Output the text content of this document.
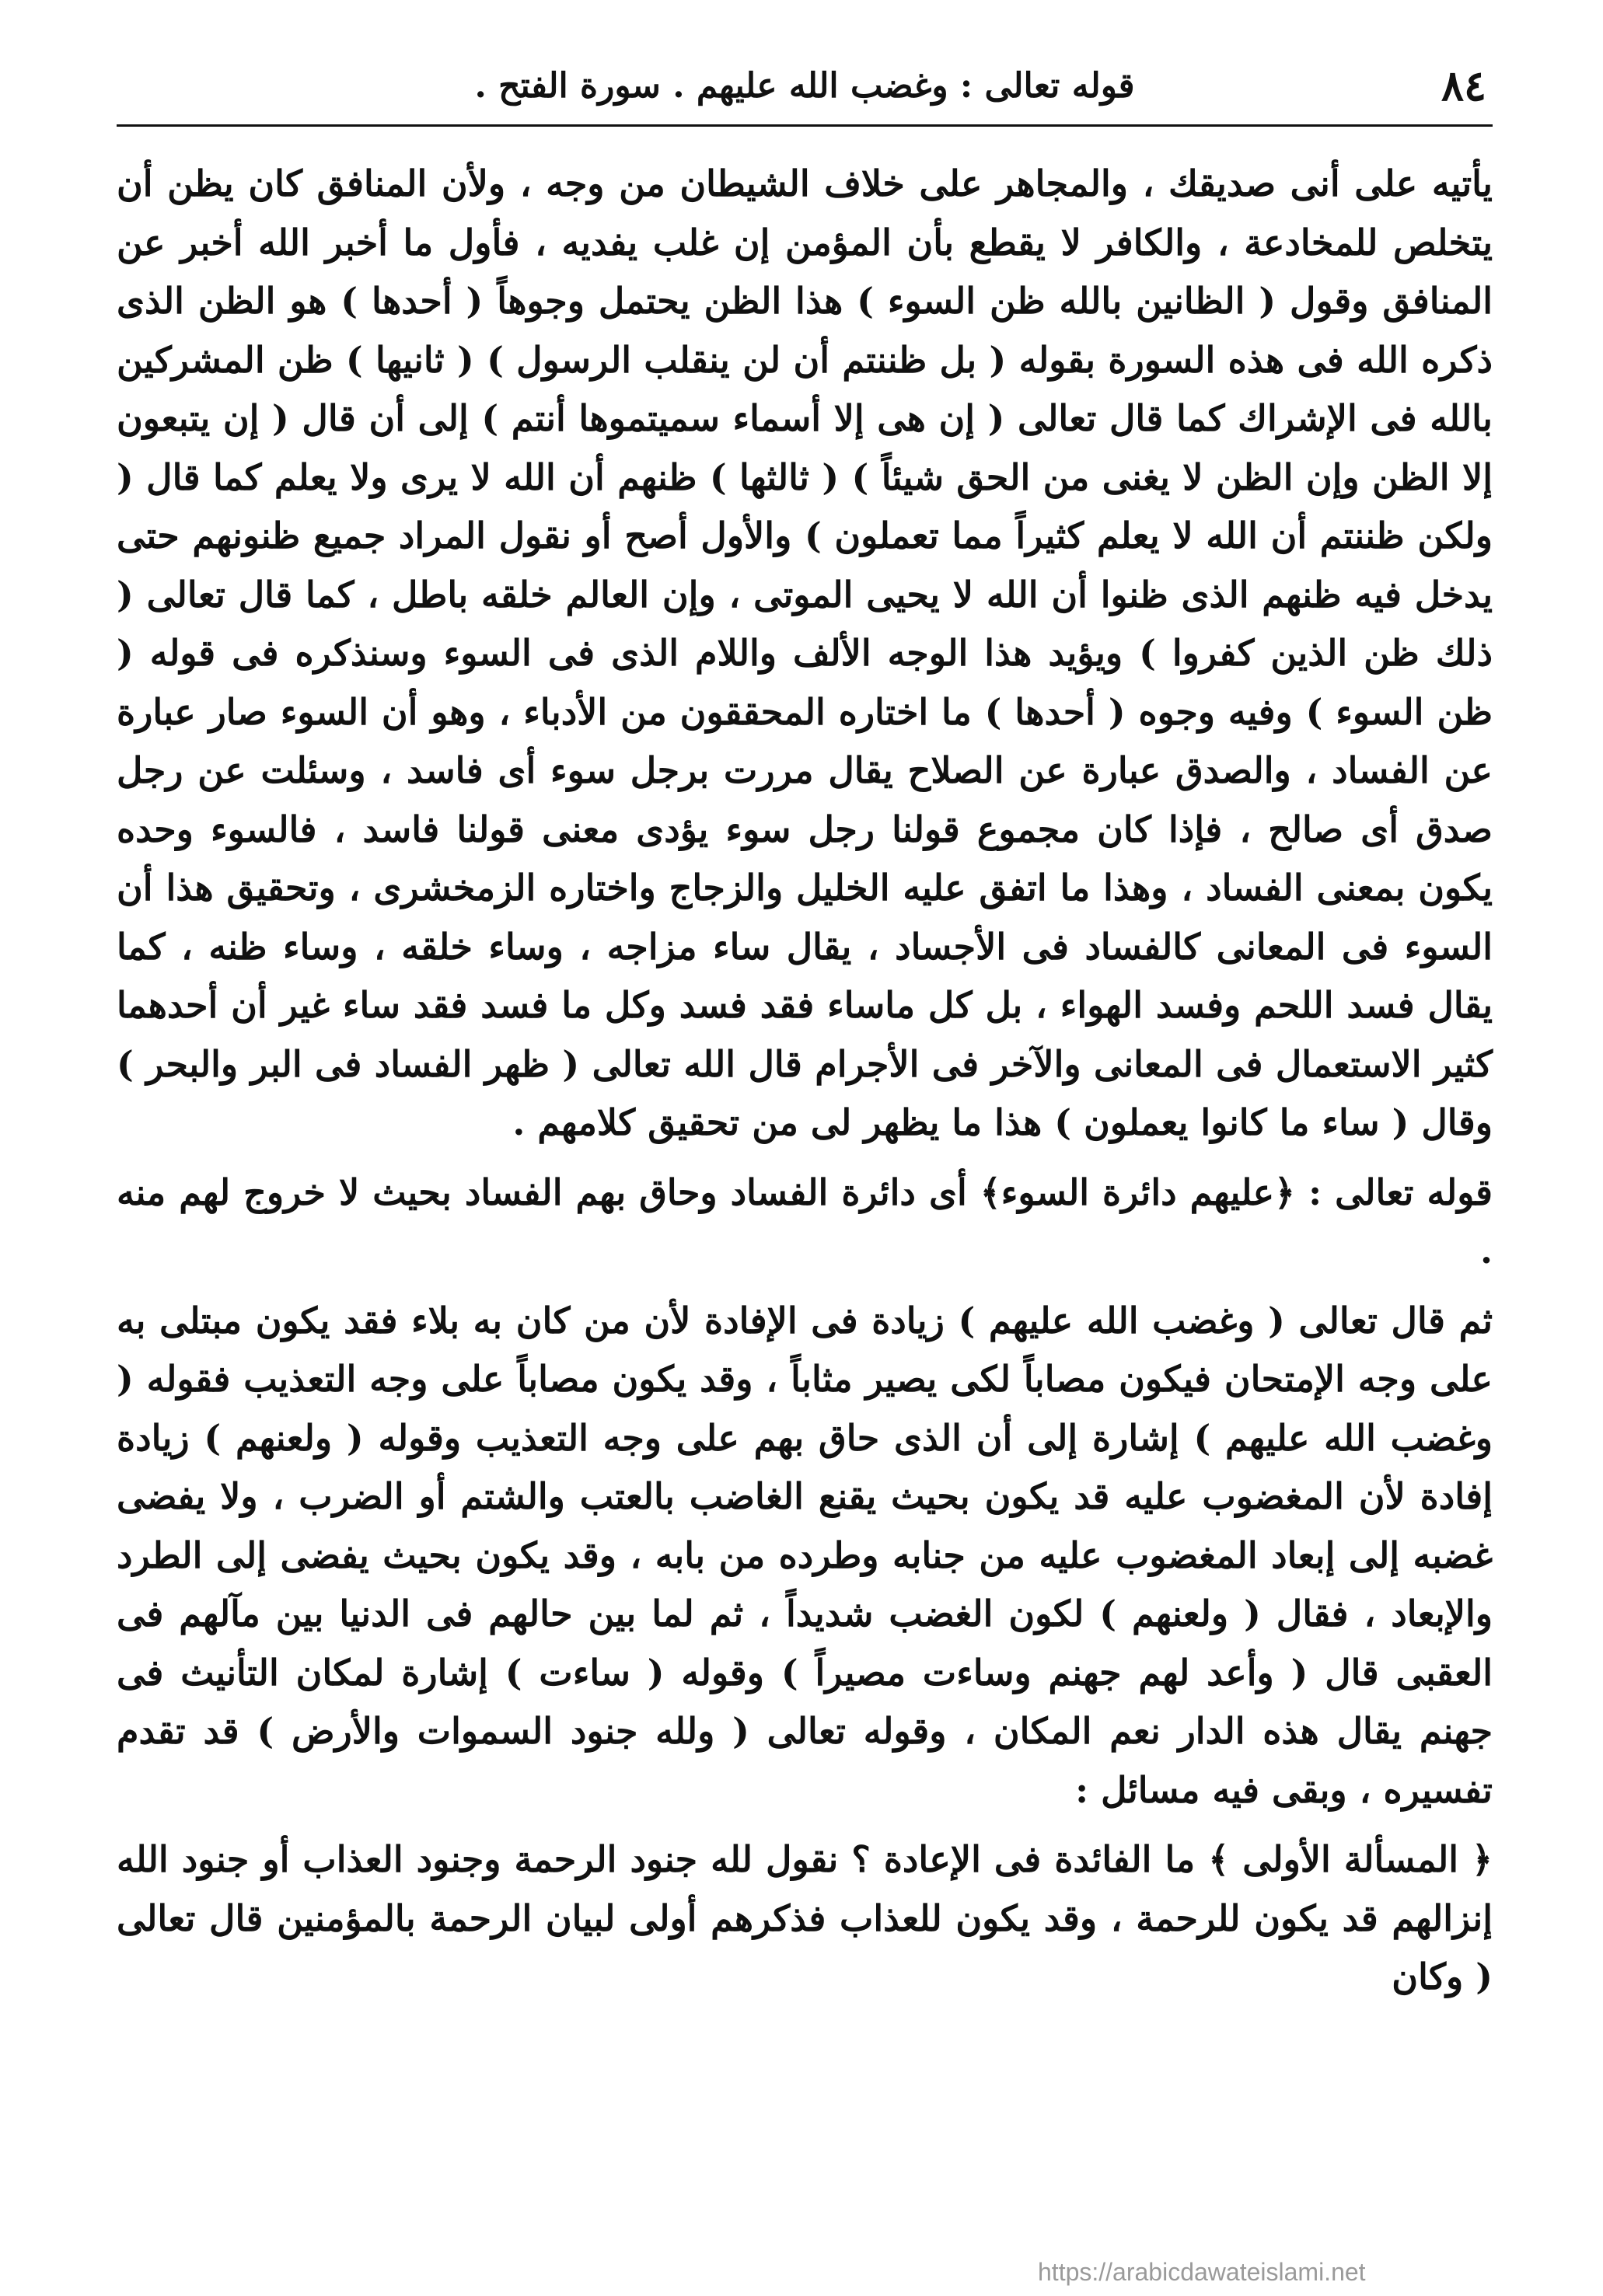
٨٤
قوله تعالى : وغضب الله عليهم . سورة الفتح .

يأتيه على أنى صديقك ، والمجاهر على خلاف الشيطان من وجه ، ولأن المنافق كان يظن أن يتخلص للمخادعة ، والكافر لا يقطع بأن المؤمن إن غلب يفديه ، فأول ما أخبر الله أخبر عن المنافق وقول ( الظانين بالله ظن السوء ) هذا الظن يحتمل وجوهاً ( أحدها ) هو الظن الذى ذكره الله فى هذه السورة بقوله ( بل ظننتم أن لن ينقلب الرسول ) ( ثانيها ) ظن المشركين بالله فى الإشراك كما قال تعالى ( إن هى إلا أسماء سميتموها أنتم ) إلى أن قال ( إن يتبعون إلا الظن وإن الظن لا يغنى من الحق شيئاً ) ( ثالثها ) ظنهم أن الله لا يرى ولا يعلم كما قال ( ولكن ظننتم أن الله لا يعلم كثيراً مما تعملون ) والأول أصح أو نقول المراد جميع ظنونهم حتى يدخل فيه ظنهم الذى ظنوا أن الله لا يحيى الموتى ، وإن العالم خلقه باطل ، كما قال تعالى ( ذلك ظن الذين كفروا ) ويؤيد هذا الوجه الألف واللام الذى فى السوء وسنذكره فى قوله ( ظن السوء ) وفيه وجوه ( أحدها ) ما اختاره المحققون من الأدباء ، وهو أن السوء صار عبارة عن الفساد ، والصدق عبارة عن الصلاح يقال مررت برجل سوء أى فاسد ، وسئلت عن رجل صدق أى صالح ، فإذا كان مجموع قولنا رجل سوء يؤدى معنى قولنا فاسد ، فالسوء وحده يكون بمعنى الفساد ، وهذا ما اتفق عليه الخليل والزجاج واختاره الزمخشرى ، وتحقيق هذا أن السوء فى المعانى كالفساد فى الأجساد ، يقال ساء مزاجه ، وساء خلقه ، وساء ظنه ، كما يقال فسد اللحم وفسد الهواء ، بل كل ماساء فقد فسد وكل ما فسد فقد ساء غير أن أحدهما كثير الاستعمال فى المعانى والآخر فى الأجرام قال الله تعالى ( ظهر الفساد فى البر والبحر ) وقال ( ساء ما كانوا يعملون ) هذا ما يظهر لى من تحقيق كلامهم .

قوله تعالى : ﴿عليهم دائرة السوء﴾ أى دائرة الفساد وحاق بهم الفساد بحيث لا خروج لهم منه .

ثم قال تعالى ( وغضب الله عليهم ) زيادة فى الإفادة لأن من كان به بلاء فقد يكون مبتلى به على وجه الإمتحان فيكون مصاباً لكى يصير مثاباً ، وقد يكون مصاباً على وجه التعذيب فقوله ( وغضب الله عليهم ) إشارة إلى أن الذى حاق بهم على وجه التعذيب وقوله ( ولعنهم ) زيادة إفادة لأن المغضوب عليه قد يكون بحيث يقنع الغاضب بالعتب والشتم أو الضرب ، ولا يفضى غضبه إلى إبعاد المغضوب عليه من جنابه وطرده من بابه ، وقد يكون بحيث يفضى إلى الطرد والإبعاد ، فقال ( ولعنهم ) لكون الغضب شديداً ، ثم لما بين حالهم فى الدنيا بين مآلهم فى العقبى قال ( وأعد لهم جهنم وساءت مصيراً ) وقوله ( ساءت ) إشارة لمكان التأنيث فى جهنم يقال هذه الدار نعم المكان ، وقوله تعالى ( ولله جنود السموات والأرض ) قد تقدم تفسيره ، وبقى فيه مسائل :

﴿ المسألة الأولى ﴾ ما الفائدة فى الإعادة ؟ نقول لله جنود الرحمة وجنود العذاب أو جنود الله إنزالهم قد يكون للرحمة ، وقد يكون للعذاب فذكرهم أولى لبيان الرحمة بالمؤمنين قال تعالى ( وكان

https://arabicdawateislami.net
